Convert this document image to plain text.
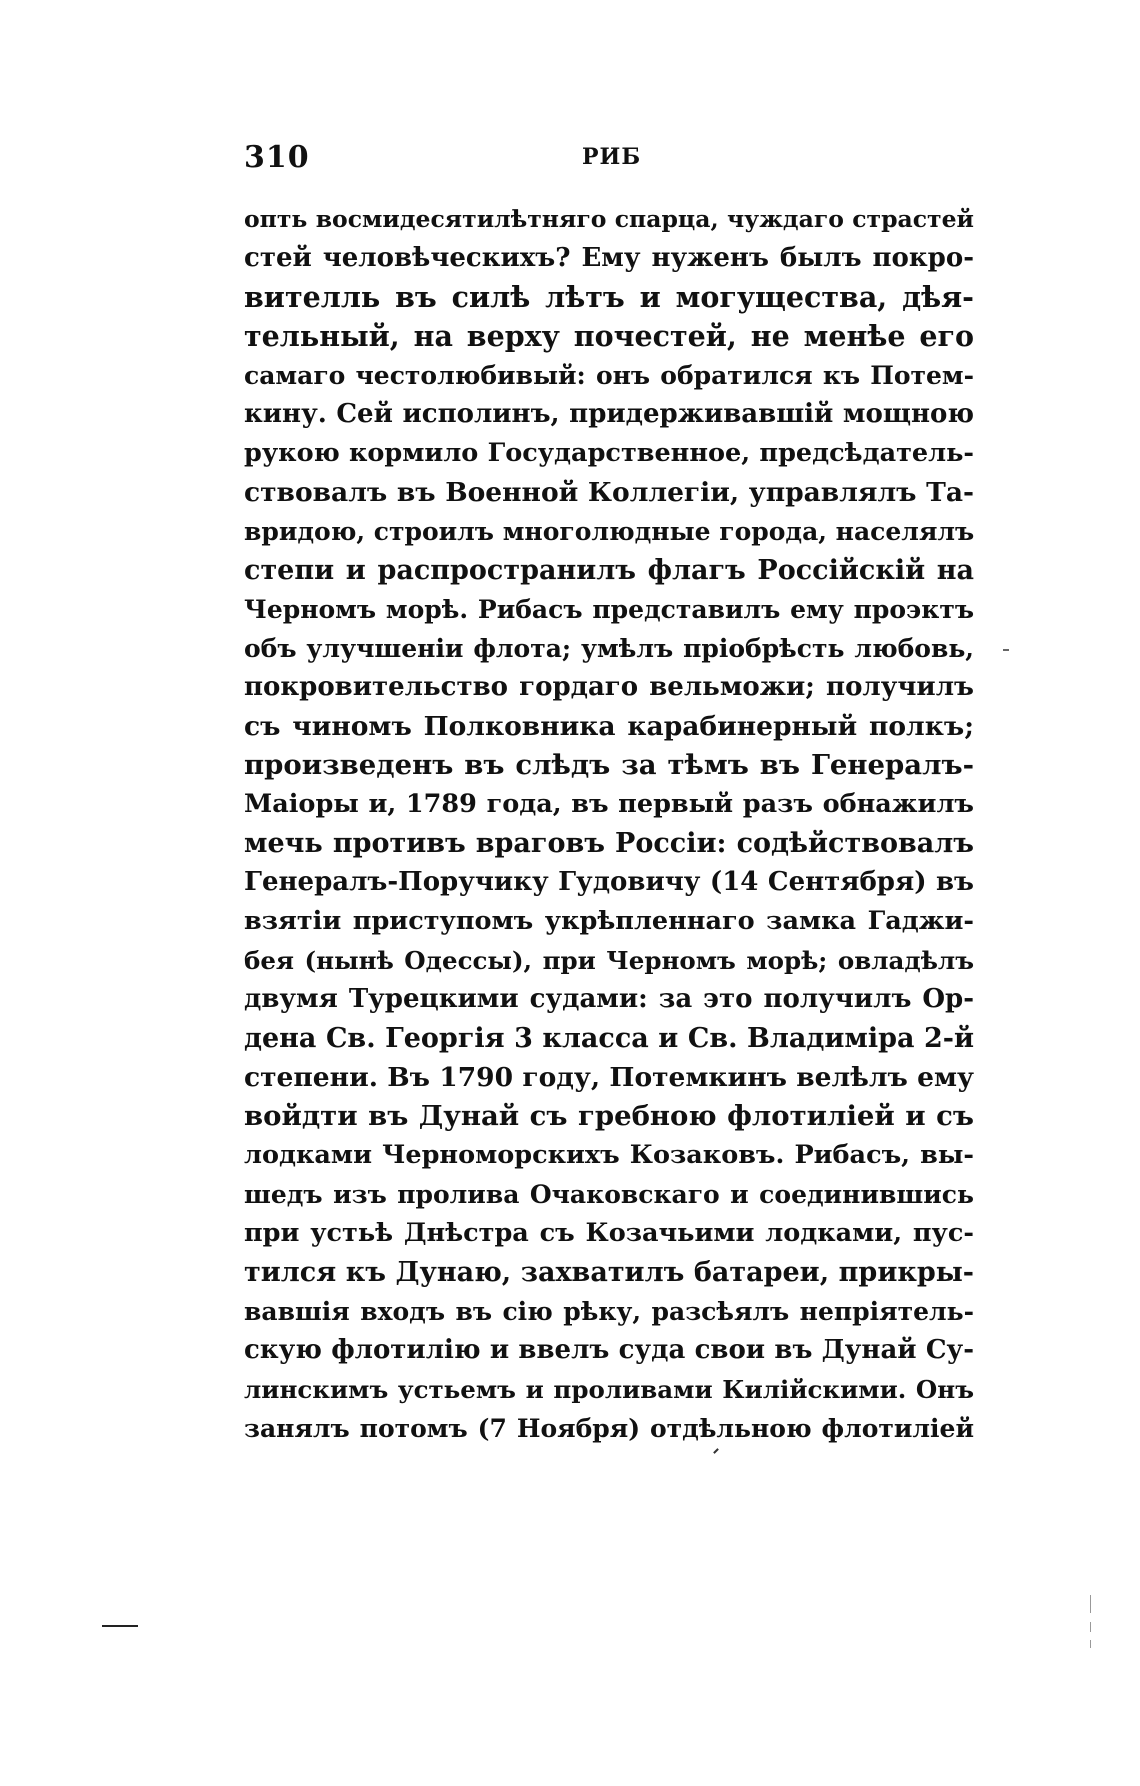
310	РИБ
опть восмидесятилѣтняго спарца, чуждаго страстей
стей человѣческихъ? Ему нуженъ былъ покро-
вителль въ силѣ лѣтъ и могущества, дѣя-
тельный, на верху почестей, не менѣе его
самаго честолюбивый: онъ обратился къ Потем-
кину. Сей исполинъ, придерживавшій мощною
рукою кормило Государственное, предсѣдатель-
ствовалъ въ Военной Коллегіи, управлялъ Та-
вридою, строилъ многолюдные города, населялъ
степи и распространилъ флагъ Россійскій на
Черномъ морѣ. Рибасъ представилъ ему проэктъ
объ улучшеніи флота; умѣлъ пріобрѣсть любовь,
покровительство гордаго вельможи; получилъ
съ чиномъ Полковника карабинерный полкъ;
произведенъ въ слѣдъ за тѣмъ въ Генералъ-
Маіоры и, 1789 года, въ первый разъ обнажилъ
мечь противъ враговъ Россіи: содѣйствовалъ
Генералъ-Поручику Гудовичу (14 Сентября) въ
взятіи приступомъ укрѣпленнаго замка Гаджи-
бея (нынѣ Одессы), при Черномъ морѣ; овладѣлъ
двумя Турецкими судами: за это получилъ Ор-
дена Св. Георгія 3 класса и Св. Владиміра 2-й
степени. Въ 1790 году, Потемкинъ велѣлъ ему
войдти въ Дунай съ гребною флотиліей и съ
лодками Черноморскихъ Козаковъ. Рибасъ, вы-
шедъ изъ пролива Очаковскаго и соединившись
при устьѣ Днѣстра съ Козачьими лодками, пус-
тился къ Дунаю, захватилъ батареи, прикры-
вавшія входъ въ сію рѣку, разсѣялъ непріятель-
скую флотилію и ввелъ суда свои въ Дунай Су-
линскимъ устьемъ и проливами Килійскими. Онъ
занялъ потомъ (7 Ноября) отдѣльною флотиліей
